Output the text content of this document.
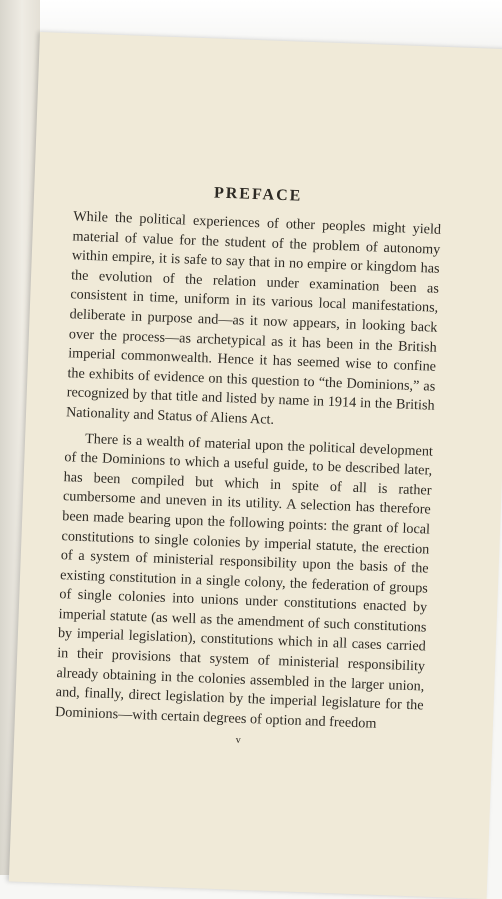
PREFACE

While the political experiences of other peoples might yield material of value for the student of the problem of autonomy within empire, it is safe to say that in no empire or kingdom has the evolution of the relation under examination been as consistent in time, uniform in its various local manifestations, deliberate in purpose and—as it now appears, in looking back over the process—as archetypical as it has been in the British imperial commonwealth. Hence it has seemed wise to confine the exhibits of evidence on this question to “the Dominions,” as recognized by that title and listed by name in 1914 in the British Nationality and Status of Aliens Act.

There is a wealth of material upon the political development of the Dominions to which a useful guide, to be described later, has been compiled but which in spite of all is rather cumbersome and uneven in its utility. A selection has therefore been made bearing upon the following points: the grant of local constitutions to single colonies by imperial statute, the erection of a system of ministerial responsibility upon the basis of the existing constitution in a single colony, the federation of groups of single colonies into unions under constitutions enacted by imperial statute (as well as the amendment of such constitutions by imperial legislation), constitutions which in all cases carried in their provisions that system of ministerial responsibility already obtaining in the colonies assembled in the larger union, and, finally, direct legislation by the imperial legislature for the Dominions—with certain degrees of option and freedom

v
